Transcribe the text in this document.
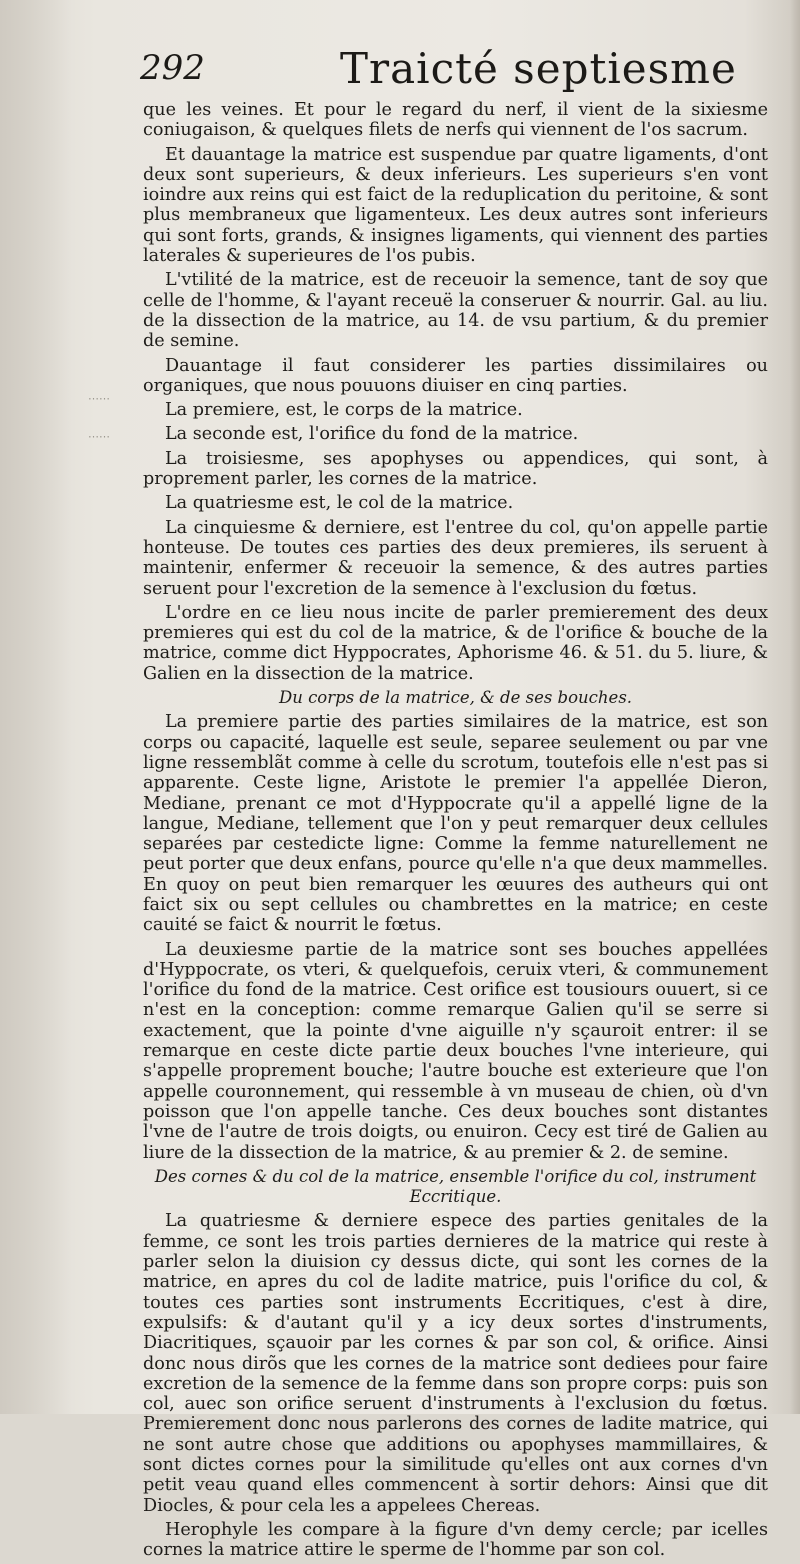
292	Traicté septiesme
⋯⋯
⋯⋯

que les veines. Et pour le regard du nerf, il vient de la sixiesme coniugaison, & quelques filets de nerfs qui viennent de l'os sacrum.

Et dauantage la matrice est suspendue par quatre ligaments, d'ont deux sont superieurs, & deux inferieurs. Les superieurs s'en vont ioindre aux reins qui est faict de la reduplication du peritoine, & sont plus membraneux que ligamenteux. Les deux autres sont inferieurs qui sont forts, grands, & insignes ligaments, qui viennent des parties laterales & superieures de l'os pubis.

L'vtilité de la matrice, est de receuoir la semence, tant de soy que celle de l'homme, & l'ayant receuë la conseruer & nourrir. Gal. au liu. de la dissection de la matrice, au 14. de vsu partium, & du premier de semine.

Dauantage il faut considerer les parties dissimilaires ou organiques, que nous pouuons diuiser en cinq parties.

La premiere, est, le corps de la matrice.

La seconde est, l'orifice du fond de la matrice.

La troisiesme, ses apophyses ou appendices, qui sont, à proprement parler, les cornes de la matrice.

La quatriesme est, le col de la matrice.

La cinquiesme & derniere, est l'entree du col, qu'on appelle partie honteuse. De toutes ces parties des deux premieres, ils seruent à maintenir, enfermer & receuoir la semence, & des autres parties seruent pour l'excretion de la semence à l'exclusion du fœtus.

L'ordre en ce lieu nous incite de parler premierement des deux premieres qui est du col de la matrice, & de l'orifice & bouche de la matrice, comme dict Hyppocrates, Aphorisme 46. & 51. du 5. liure, & Galien en la dissection de la matrice.

Du corps de la matrice, & de ses bouches.

La premiere partie des parties similaires de la matrice, est son corps ou capacité, laquelle est seule, separee seulement ou par vne ligne ressemblãt comme à celle du scrotum, toutefois elle n'est pas si apparente. Ceste ligne, Aristote le premier l'a appellée Dieron, Mediane, prenant ce mot d'Hyppocrate qu'il a appellé ligne de la langue, Mediane, tellement que l'on y peut remarquer deux cellules separées par cestedicte ligne: Comme la femme naturellement ne peut porter que deux enfans, pource qu'elle n'a que deux mammelles. En quoy on peut bien remarquer les œuures des autheurs qui ont faict six ou sept cellules ou chambrettes en la matrice; en ceste cauité se faict & nourrit le fœtus.

La deuxiesme partie de la matrice sont ses bouches appellées d'Hyppocrate, os vteri, & quelquefois, ceruix vteri, & communement l'orifice du fond de la matrice. Cest orifice est tousiours ouuert, si ce n'est en la conception: comme remarque Galien qu'il se serre si exactement, que la pointe d'vne aiguille n'y sçauroit entrer: il se remarque en ceste dicte partie deux bouches l'vne interieure, qui s'appelle proprement bouche; l'autre bouche est exterieure que l'on appelle couronnement, qui ressemble à vn museau de chien, où d'vn poisson que l'on appelle tanche. Ces deux bouches sont distantes l'vne de l'autre de trois doigts, ou enuiron. Cecy est tiré de Galien au liure de la dissection de la matrice, & au premier & 2. de semine.

Des cornes & du col de la matrice, ensemble l'orifice du col, instrument Eccritique.

La quatriesme & derniere espece des parties genitales de la femme, ce sont les trois parties dernieres de la matrice qui reste à parler selon la diuision cy dessus dicte, qui sont les cornes de la matrice, en apres du col de ladite matrice, puis l'orifice du col, & toutes ces parties sont instruments Eccritiques, c'est à dire, expulsifs: & d'autant qu'il y a icy deux sortes d'instruments, Diacritiques, sçauoir par les cornes & par son col, & orifice. Ainsi donc nous dirõs que les cornes de la matrice sont dediees pour faire excretion de la semence de la femme dans son propre corps: puis son col, auec son orifice seruent d'instruments à l'exclusion du fœtus. Premierement donc nous parlerons des cornes de ladite matrice, qui ne sont autre chose que additions ou apophyses mammillaires, & sont dictes cornes pour la similitude qu'elles ont aux cornes d'vn petit veau quand elles commencent à sortir dehors: Ainsi que dit Diocles, & pour cela les a appelees Chereas.

Herophyle les compare à la figure d'vn demy cercle; par icelles cornes la matrice attire le sperme de l'homme par son col.
